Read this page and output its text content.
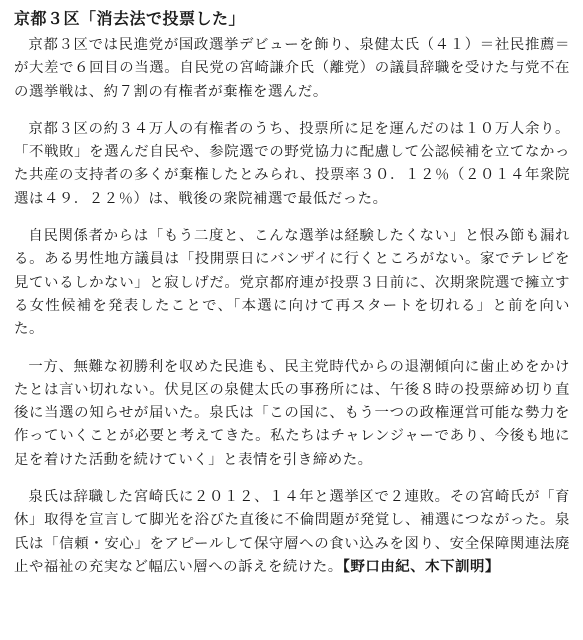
京都３区「消去法で投票した」

京都３区では民進党が国政選挙デビューを飾り、泉健太氏（４１）＝社民推薦＝が大差で６回目の当選。自民党の宮崎謙介氏（離党）の議員辞職を受けた与党不在の選挙戦は、約７割の有権者が棄権を選んだ。

京都３区の約３４万人の有権者のうち、投票所に足を運んだのは１０万人余り。「不戦敗」を選んだ自民や、参院選での野党協力に配慮して公認候補を立てなかった共産の支持者の多くが棄権したとみられ、投票率３０．１２％（２０１４年衆院選は４９．２２％）は、戦後の衆院補選で最低だった。

自民関係者からは「もう二度と、こんな選挙は経験したくない」と恨み節も漏れる。ある男性地方議員は「投開票日にバンザイに行くところがない。家でテレビを見ているしかない」と寂しげだ。党京都府連が投票３日前に、次期衆院選で擁立する女性候補を発表したことで、「本選に向けて再スタートを切れる」と前を向いた。

一方、無難な初勝利を収めた民進も、民主党時代からの退潮傾向に歯止めをかけたとは言い切れない。伏見区の泉健太氏の事務所には、午後８時の投票締め切り直後に当選の知らせが届いた。泉氏は「この国に、もう一つの政権運営可能な勢力を作っていくことが必要と考えてきた。私たちはチャレンジャーであり、今後も地に足を着けた活動を続けていく」と表情を引き締めた。

泉氏は辞職した宮崎氏に２０１２、１４年と選挙区で２連敗。その宮崎氏が「育休」取得を宣言して脚光を浴びた直後に不倫問題が発覚し、補選につながった。泉氏は「信頼・安心」をアピールして保守層への食い込みを図り、安全保障関連法廃止や福祉の充実など幅広い層への訴えを続けた。【野口由紀、木下訓明】
